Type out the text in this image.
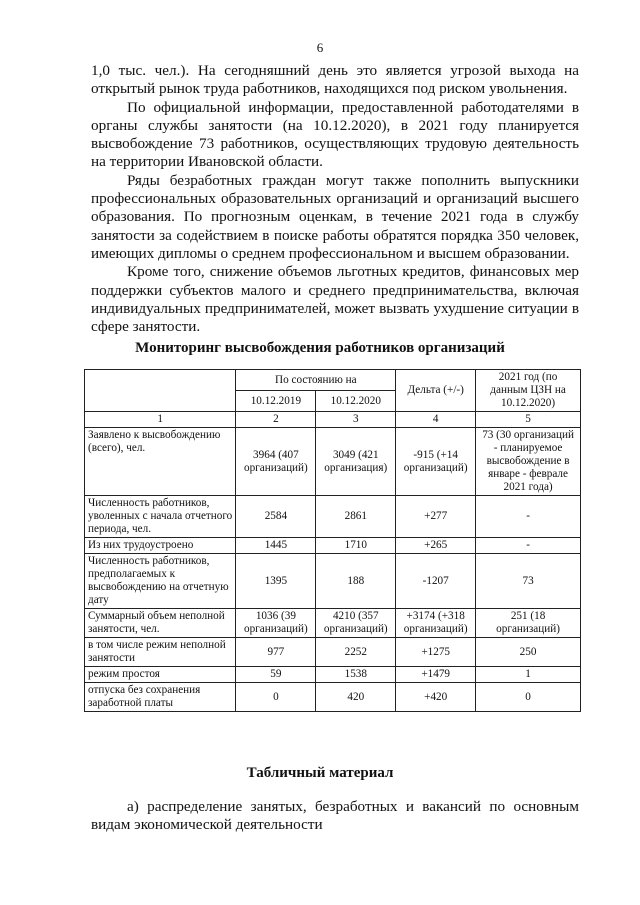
6

1,0 тыс. чел.). На сегодняшний день это является угрозой выхода на открытый рынок труда работников, находящихся под риском увольнения.

По официальной информации, предоставленной работодателями в органы службы занятости (на 10.12.2020), в 2021 году планируется высвобождение 73 работников, осуществляющих трудовую деятельность на территории Ивановской области.

Ряды безработных граждан могут также пополнить выпускники профессиональных образовательных организаций и организаций высшего образования. По прогнозным оценкам, в течение 2021 года в службу занятости за содействием в поиске работы обратятся порядка 350 человек, имеющих дипломы о среднем профессиональном и высшем образовании.

Кроме того, снижение объемов льготных кредитов, финансовых мер поддержки субъектов малого и среднего предпринимательства, включая индивидуальных предпринимателей, может вызвать ухудшение ситуации в сфере занятости.

Мониторинг высвобождения работников организаций
	По состоянию на		Дельта (+/-)	2021 год (по данным ЦЗН на 10.12.2020)
	10.12.2019	10.12.2020		
1	2	3	4	5
Заявлено к высвобождению (всего), чел.	3964 (407 организаций)	3049 (421 организация)	-915 (+14 организаций)	73 (30 организаций - планируемое высвобождение в январе - феврале 2021 года)
Численность работников, уволенных с начала отчетного периода, чел.	2584	2861	+277	-
Из них трудоустроено	1445	1710	+265	-
Численность работников, предполагаемых к высвобождению на отчетную дату	1395	188	-1207	73
Суммарный объем неполной занятости, чел.	1036 (39 организаций)	4210 (357 организаций)	+3174 (+318 организаций)	251 (18 организаций)
в том числе режим неполной занятости	977	2252	+1275	250
режим простоя	59	1538	+1479	1
отпуска без сохранения заработной платы	0	420	+420	0
Табличный материал

а) распределение занятых, безработных и вакансий по основным видам экономической деятельности
